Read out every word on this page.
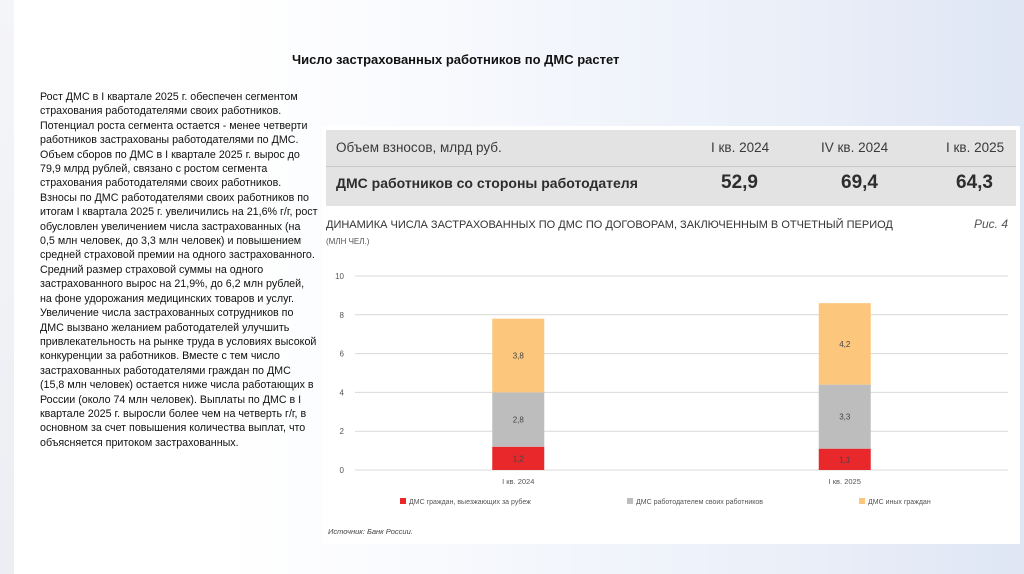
Число застрахованных работников по ДМС растет

Рост ДМС в I квартале 2025 г. обеспечен сегментом страхования работодателями своих работников.

Потенциал роста сегмента остается - менее четверти работников застрахованы работодателями по ДМС. Объем сборов по ДМС в I квартале 2025 г. вырос до 79,9 млрд рублей, связано с ростом сегмента страхования работодателями своих работников.

Взносы по ДМС работодателями своих работников по итогам I квартала 2025 г. увеличились на 21,6% г/г, рост обусловлен увеличением числа застрахованных (на 0,5 млн человек, до 3,3 млн человек) и повышением средней страховой премии на одного застрахованного.

Средний размер страховой суммы на одного застрахованного вырос на 21,9%, до 6,2 млн рублей, на фоне удорожания медицинских товаров и услуг. Увеличение числа застрахованных сотрудников по ДМС вызвано желанием работодателей улучшить привлекательность на рынке труда в условиях высокой конкуренции за работников. Вместе с тем число застрахованных работодателями граждан по ДМС (15,8 млн человек) остается ниже числа работающих в России (около 74 млн человек). Выплаты по ДМС в I квартале 2025 г. выросли более чем на четверть г/г, в основном за счет повышения количества выплат, что объясняется притоком застрахованных.

Объем взносов, млрд руб.	I кв. 2024	IV кв. 2024	I кв. 2025
ДМС работников со стороны работодателя	52,9	69,4	64,3
ДИНАМИКА ЧИСЛА ЗАСТРАХОВАННЫХ ПО ДМС ПО ДОГОВОРАМ, ЗАКЛЮЧЕННЫМ В ОТЧЕТНЫЙ ПЕРИОД
(МЛН ЧЕЛ.)
Рис. 4
0
2
4
6
8
10
1,2
2,8
3,8
I кв. 2024
1,1
3,3
4,2
I кв. 2025
ДМС граждан, выезжающих за рубеж	ДМС работодателем своих работников	ДМС иных граждан
Источник: Банк России.
